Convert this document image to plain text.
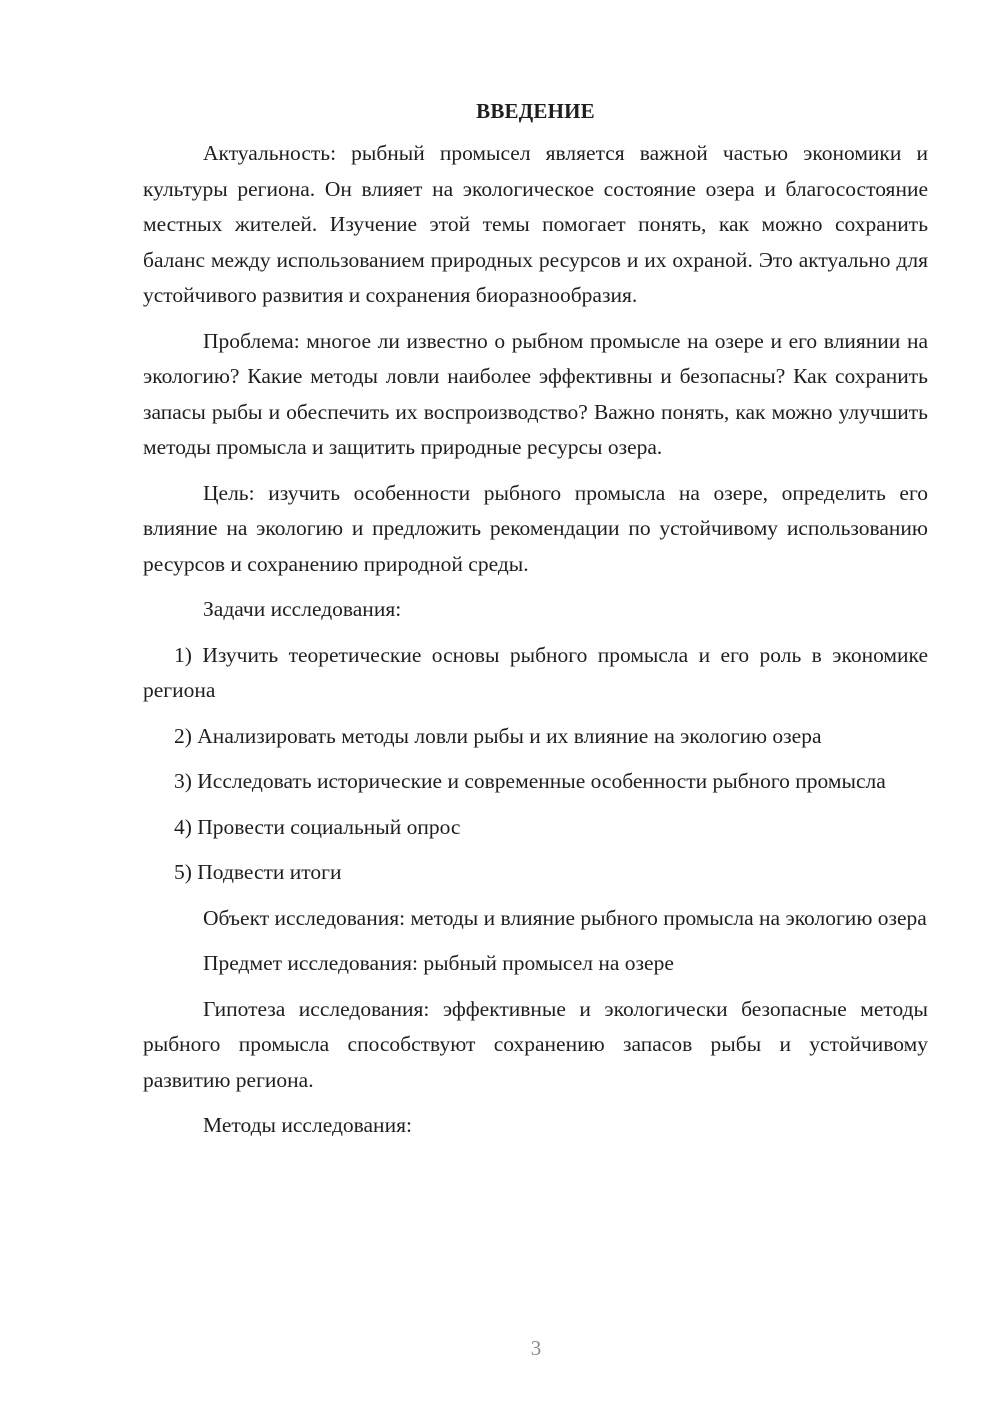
ВВЕДЕНИЕ

Актуальность: рыбный промысел является важной частью экономики и культуры региона. Он влияет на экологическое состояние озера и благосостояние местных жителей. Изучение этой темы помогает понять, как можно сохранить баланс между использованием природных ресурсов и их охраной. Это актуально для устойчивого развития и сохранения биоразнообразия.

Проблема: многое ли известно о рыбном промысле на озере и его влиянии на экологию? Какие методы ловли наиболее эффективны и безопасны? Как сохранить запасы рыбы и обеспечить их воспроизводство? Важно понять, как можно улучшить методы промысла и защитить природные ресурсы озера.

Цель: изучить особенности рыбного промысла на озере, определить его влияние на экологию и предложить рекомендации по устойчивому использованию ресурсов и сохранению природной среды.

Задачи исследования:

1) Изучить теоретические основы рыбного промысла и его роль в экономике региона

2) Анализировать методы ловли рыбы и их влияние на экологию озера

3) Исследовать исторические и современные особенности рыбного промысла

4) Провести социальный опрос

5) Подвести итоги

Объект исследования: методы и влияние рыбного промысла на экологию озера

Предмет исследования: рыбный промысел на озере

Гипотеза исследования: эффективные и экологически безопасные методы рыбного промысла способствуют сохранению запасов рыбы и устойчивому развитию региона.

Методы исследования:

3
